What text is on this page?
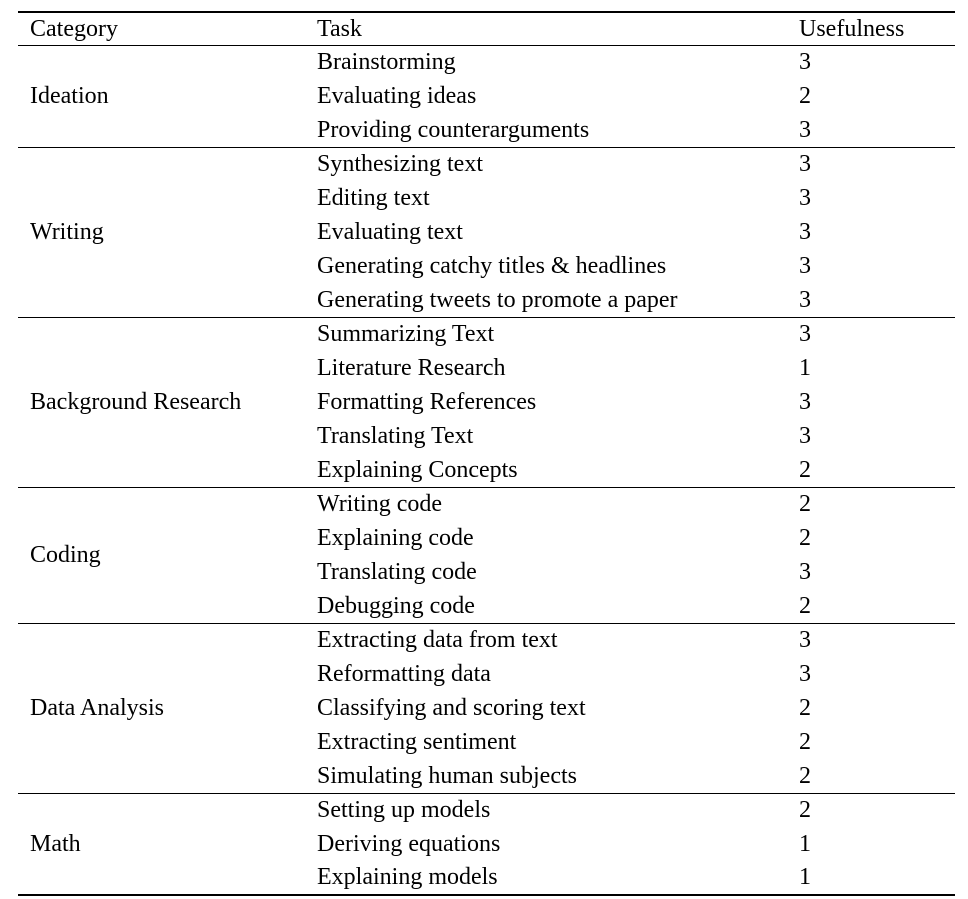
Category	Task	Usefulness
Ideation	Brainstorming	3
	Evaluating ideas	2
	Providing counterarguments	3
Writing	Synthesizing text	3
	Editing text	3
	Evaluating text	3
	Generating catchy titles & headlines	3
	Generating tweets to promote a paper	3
Background Research	Summarizing Text	3
	Literature Research	1
	Formatting References	3
	Translating Text	3
	Explaining Concepts	2
Coding	Writing code	2
	Explaining code	2
	Translating code	3
	Debugging code	2
Data Analysis	Extracting data from text	3
	Reformatting data	3
	Classifying and scoring text	2
	Extracting sentiment	2
	Simulating human subjects	2
Math	Setting up models	2
	Deriving equations	1
	Explaining models	1
